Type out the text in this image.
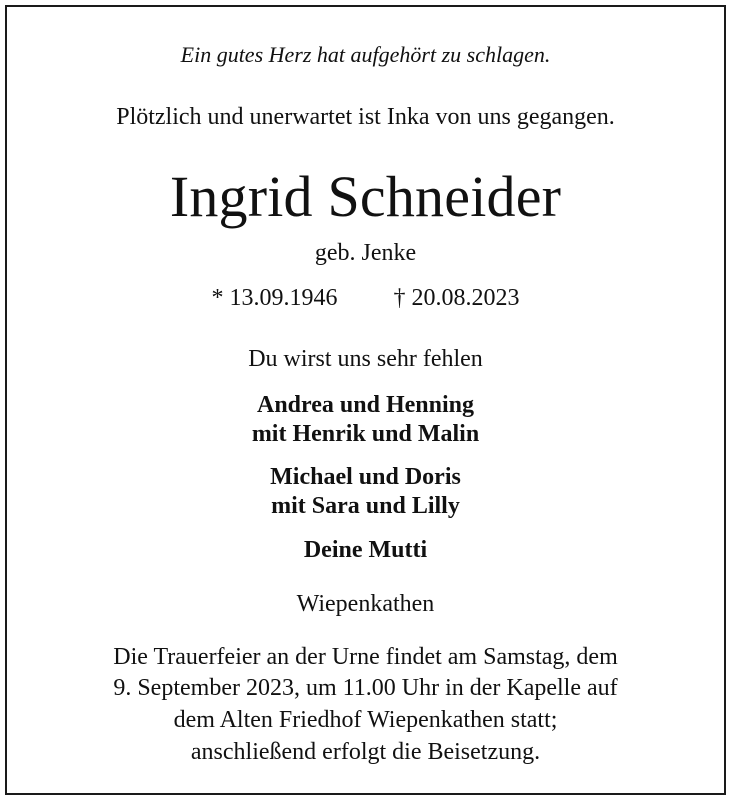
Ein gutes Herz hat aufgehört zu schlagen.
Plötzlich und unerwartet ist Inka von uns gegangen.
Ingrid Schneider
geb. Jenke
* 13.09.1946 † 20.08.2023
Du wirst uns sehr fehlen
Andrea und Henning
mit Henrik und Malin
Michael und Doris
mit Sara und Lilly
Deine Mutti
Wiepenkathen
Die Trauerfeier an der Urne findet am Samstag, dem
9. September 2023, um 11.00 Uhr in der Kapelle auf
dem Alten Friedhof Wiepenkathen statt;
anschließend erfolgt die Beisetzung.
